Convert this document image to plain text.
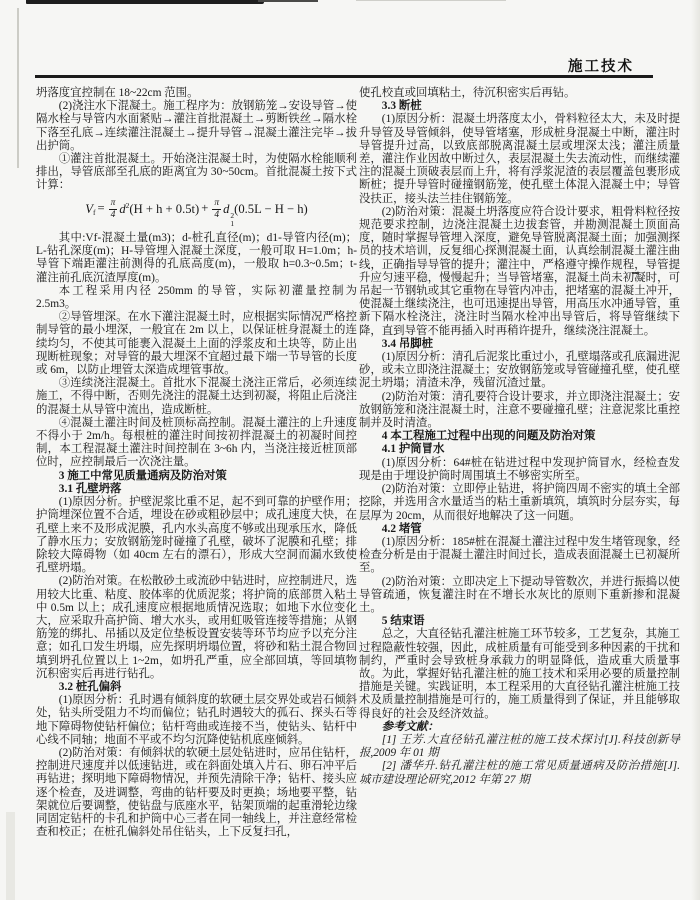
施工技术

坍落度宜控制在 18~22cm 范围。

(2)浇注水下混凝土。施工程序为：放钢筋笼→安设导管→使隔水栓与导管内水面紧贴→灌注首批混凝土→剪断铁丝→隔水栓下落至孔底→连续灌注混凝土→提升导管→混凝土灌注完毕→拔出护筒。

①灌注首批混凝土。开始浇注混凝土时，为使隔水栓能顺利排出，导管底部至孔底的距离宜为 30~50cm。首批混凝土按下式计算：

$V_f = \frac{\pi}{4} d^2(H + h + 0.5t) + \frac{\pi}{4}$ d
2
1
(0.5L − H − h)

其中:Vf-混凝土量(m3)；d-桩孔直径(m)；d1-导管内径(m)；L-钻孔深度(m)；H-导管埋入混凝土深度，一般可取 H=1.0m；h-导管下端距灌注前测得的孔底高度(m)，一般取 h=0.3~0.5m；t-灌注前孔底沉渣厚度(m)。

本工程采用内径 250mm 的导管，实际初灌量控制为 2.5m3。

②导管埋深。在水下灌注混凝土时，应根据实际情况严格控制导管的最小埋深，一般宜在 2m 以上，以保证桩身混凝土的连续均匀，不使其可能裹入混凝土上面的浮浆皮和土块等，防止出现断桩现象；对导管的最大埋深不宜超过最下端一节导管的长度或 6m，以防止埋管太深造成埋管事故。

③连续浇注混凝土。首批水下混凝土浇注正常后，必须连续施工，不得中断，否则先浇注的混凝土达到初凝，将阻止后浇注的混凝土从导管中流出，造成断桩。

④混凝土灌注时间及桩顶标高控制。混凝土灌注的上升速度不得小于 2m/h。每根桩的灌注时间按初拌混凝土的初凝时间控制，本工程混凝土灌注时间控制在 3~6h 内，当浇注接近桩顶部位时，应控制最后一次浇注量。

3 施工中常见质量通病及防治对策

3.1 孔壁坍落

(1)原因分析。护壁泥浆比重不足，起不到可靠的护壁作用；护筒埋深位置不合适，埋设在砂或粗砂层中；成孔速度大快，在孔壁上来不及形成泥膜，孔内水头高度不够或出现承压水，降低了静水压力；安放钢筋笼时碰撞了孔壁，破坏了泥膜和孔壁；排除较大障碍物（如 40cm 左右的漂石），形成大空洞而漏水致使孔壁坍塌。

(2)防治对策。在松散砂土或流砂中钻进时，应控制进尺，选用较大比重、粘度、胶体率的优质泥浆；将护筒的底部贯入粘土中 0.5m 以上；成孔速度应根据地质情况选取；如地下水位变化大，应采取升高护筒、增大水头，或用虹吸管连接等措施；从钢筋笼的绑扎、吊插以及定位垫板设置安装等环节均应予以充分注意；如孔口发生坍塌，应先探明坍塌位置，将砂和粘土混合物回填到坍孔位置以上 1~2m，如坍孔严重，应全部回填，等回填物沉积密实后再进行钻孔。

3.2 桩孔偏斜

(1)原因分析：孔时遇有倾斜度的软硬土层交界处或岩石倾斜处，钻头所受阻力不均而偏位；钻孔时遇较大的孤石、探头石等地下障碍物使钻杆偏位；钻杆弯曲或连接不当，使钻头、钻杆中心线不同轴；地面不平或不均匀沉降使钻机底座倾斜。

(2)防治对策：有倾斜状的软硬土层处钻进时，应吊住钻杆，控制进尺速度并以低速钻进，或在斜面处填入片石、卵石冲平后再钻进；探明地下障碍物情况，并预先清除干净；钻杆、接头应逐个检查，及进调整，弯曲的钻杆要及时更换；场地要平整，钻架就位后要调整，使钻盘与底座水平，钻架顶端的起重滑轮边缘同固定钻杆的卡孔和护筒中心三者在同一轴线上，并注意经常检查和校正；在桩孔偏斜处吊住钻头，上下反复扫孔，

使孔校直或回填粘土，待沉积密实后再钻。

3.3 断桩

(1)原因分析：混凝土坍落度太小，骨料粒径太大，未及时提升导管及导管倾斜，使导管堵塞，形成桩身混凝土中断，灌注时导管提升过高，以致底部脱离混凝土层或埋深太浅；灌注质量差，灌注作业因故中断过久，表层混凝土失去流动性，而继续灌注的混凝土顶破表层而上升，将有浮浆泥渣的表层覆盖包裹形成断桩；提升导管时碰撞钢筋笼，使孔壁土体混入混凝土中；导管没扶正，接头法兰挂住钢筋笼。

(2)防治对策：混凝土坍落度应符合设计要求，粗骨料粒径按规范要求控制，边浇注混凝土边拔套管，并勘测混凝土顶面高度，随时掌握导管埋入深度，避免导管脱离混凝土面；加强测探员的技术培训，反复细心探测混凝土面，认真绘制混凝土灌注曲线，正确指导导管的提升；灌注中，严格遵守操作规程，导管提升应匀速平稳，慢慢起升；当导管堵塞，混凝土尚未初凝时，可吊起一节钢轨或其它重物在导管内冲击，把堵塞的混凝土冲开，使混凝土继续浇注，也可迅速提出导管，用高压水冲通导管，重新下隔水栓浇注，浇注时当隔水栓冲出导管后，将导管继续下降，直到导管不能再插入时再稍许提升，继续浇注混凝土。

3.4 吊脚桩

(1)原因分析：清孔后泥浆比重过小，孔壁塌落或孔底漏进泥砂，或未立即浇注混凝土；安放钢筋笼或导管碰撞孔壁，使孔壁泥土坍塌；清渣未净，残留沉渣过量。

(2)防治对策：清孔要符合设计要求，并立即浇注混凝土；安放钢筋笼和浇注混凝土时，注意不要碰撞孔壁；注意泥浆比重控制并及时清渣。

4 本工程施工过程中出现的问题及防治对策

4.1 护筒冒水

(1)原因分析：64#桩在钻进过程中发现护筒冒水，经检查发现是由于埋设护筒时周围填土不够密实所至。

(2)防治对策：立即停止钻进，将护筒四周不密实的填土全部挖除，并选用含水量适当的粘土重新填筑，填筑时分层夯实，每层厚为 20cm，从而很好地解决了这一问题。

4.2 堵管

(1)原因分析：185#桩在混凝土灌注过程中发生堵管现象，经检查分析是由于混凝土灌注时间过长，造成表面混凝土已初凝所至。

(2)防治对策：立即决定上下提动导管数次，并进行振捣以使导管疏通，恢复灌注时在不增长水灰比的原则下重新掺和混凝土。

5 结束语

总之，大直径钻孔灌注桩施工环节较多，工艺复杂，其施工过程隐蔽性较强，因此，成桩质量有可能受到多种因素的干扰和制约，严重时会导致桩身承载力的明显降低，造成重大质量事故。为此，掌握好钻孔灌注桩的施工技术和采用必要的质量控制措施是关键。实践证明，本工程采用的大直径钻孔灌注桩施工技术及质量控制措施是可行的，施工质量得到了保证，并且能够取得良好的社会及经济效益。

参考文献：

[1] 王芳.大直径钻孔灌注桩的施工技术探讨[J].科技创新导报,2009 年 01 期

[2] 潘华升.钻孔灌注桩的施工常见质量通病及防治措施[J].城市建设理论研究,2012 年第 27 期
